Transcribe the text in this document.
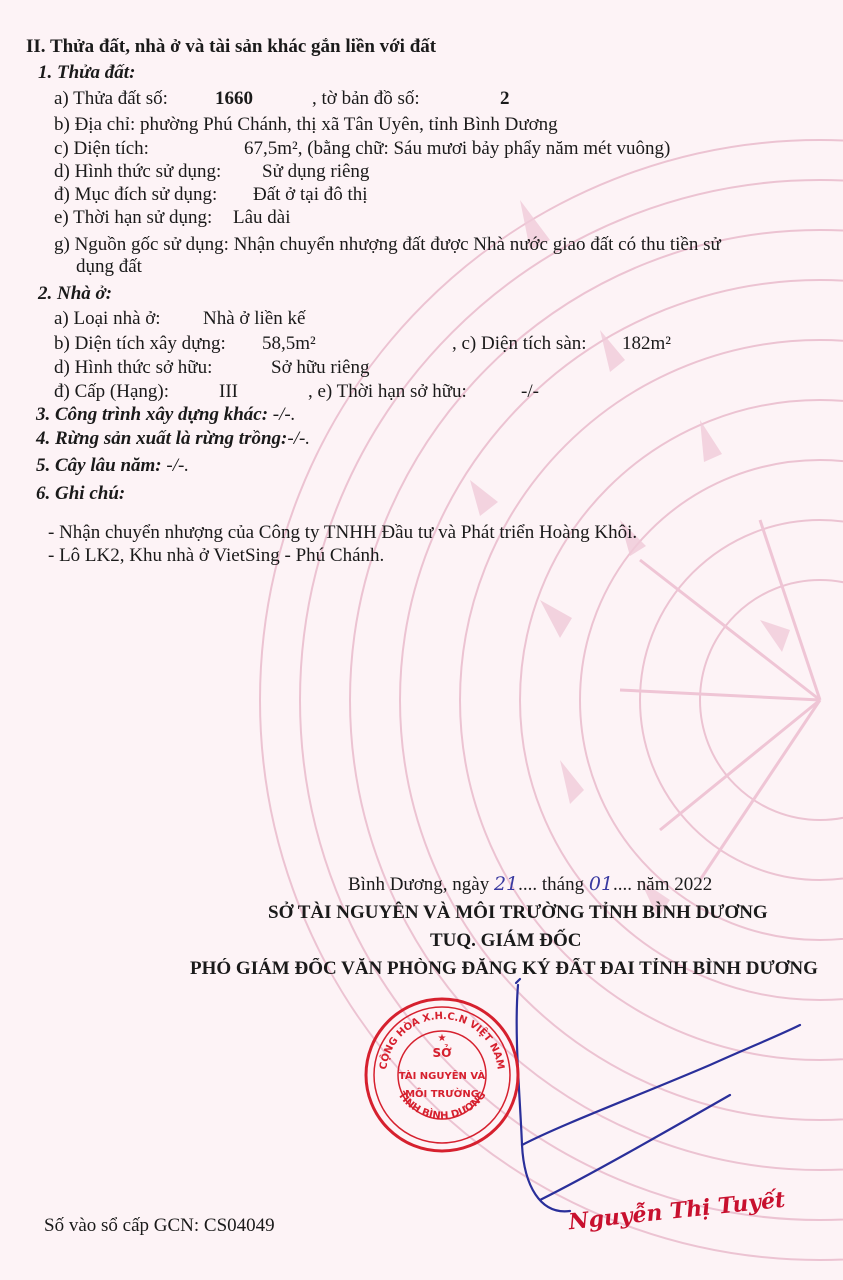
II. Thửa đất, nhà ở và tài sản khác gắn liền với đất
1. Thửa đất:
a) Thửa đất số: 1660	, tờ bản đồ số:	2
b) Địa chỉ: phường Phú Chánh, thị xã Tân Uyên, tỉnh Bình Dương
c) Diện tích:	67,5m², (bằng chữ: Sáu mươi bảy phẩy năm mét vuông)
d) Hình thức sử dụng: Sử dụng riêng
đ) Mục đích sử dụng: Đất ở tại đô thị
e) Thời hạn sử dụng: Lâu dài
g) Nguồn gốc sử dụng: Nhận chuyển nhượng đất được Nhà nước giao đất có thu tiền sử
dụng đất
2. Nhà ở:
a) Loại nhà ở: Nhà ở liền kế
b) Diện tích xây dựng: 58,5m²	, c) Diện tích sàn: 182m²
d) Hình thức sở hữu:	Sở hữu riêng
đ) Cấp (Hạng):	III	, e) Thời hạn sở hữu:	-/-
3. Công trình xây dựng khác: -/-.
4. Rừng sản xuất là rừng trồng:-/-.
5. Cây lâu năm: -/-.
6. Ghi chú:
- Nhận chuyển nhượng của Công ty TNHH Đầu tư và Phát triển Hoàng Khôi.
- Lô LK2, Khu nhà ở VietSing - Phú Chánh.
Bình Dương, ngày 21.... tháng 01.... năm 2022
SỞ TÀI NGUYÊN VÀ MÔI TRƯỜNG TỈNH BÌNH DƯƠNG
TUQ. GIÁM ĐỐC
PHÓ GIÁM ĐỐC VĂN PHÒNG ĐĂNG KÝ ĐẤT ĐAI TỈNH BÌNH DƯƠNG
CỘNG HÒA X.H.C.N VIỆT NAM
TỈNH BÌNH DƯƠNG
SỞ
TÀI NGUYÊN VÀ
MÔI TRƯỜNG
★
Nguyễn Thị Tuyết
Số vào sổ cấp GCN: CS04049
